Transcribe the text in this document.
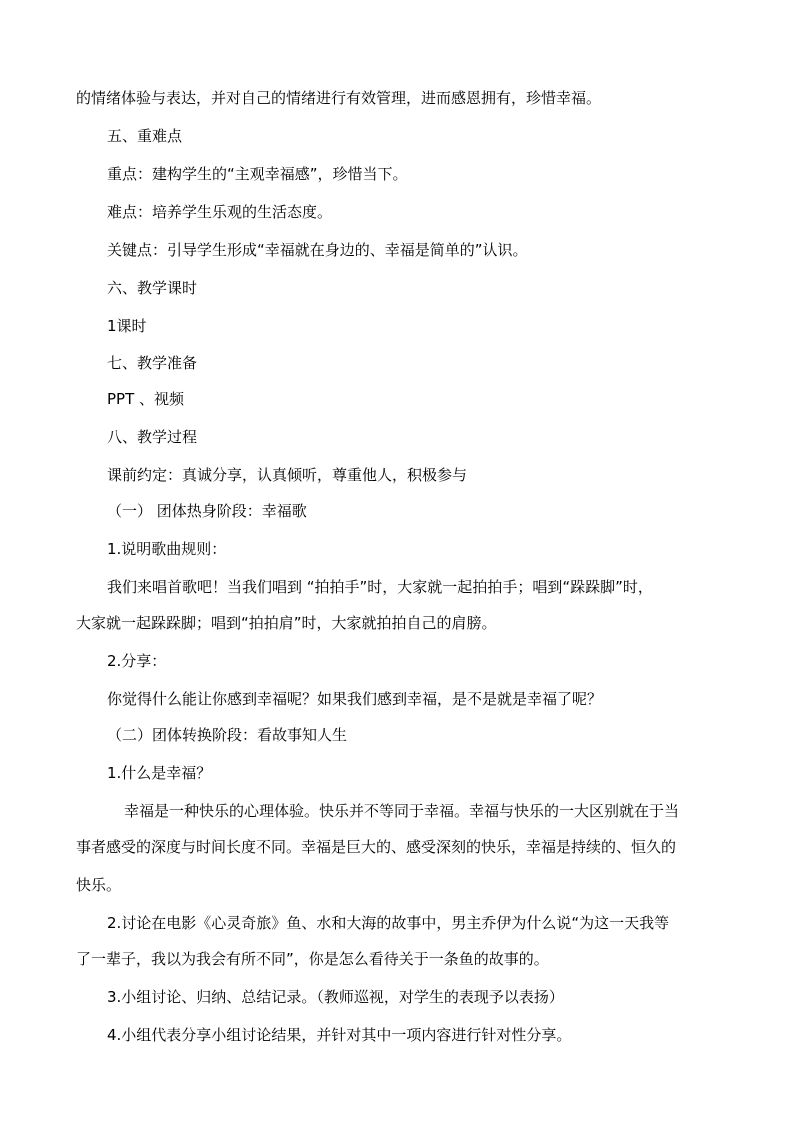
的情绪体验与表达，并对自己的情绪进行有效管理，进而感恩拥有，珍惜幸福。
五、重难点
重点：建构学生的“主观幸福感”，珍惜当下。
难点：培养学生乐观的生活态度。
关键点：引导学生形成“幸福就在身边的、幸福是简单的”认识。
六、教学课时
1课时
七、教学准备
PPT 、视频
八、教学过程
课前约定：真诚分享，认真倾听，尊重他人，积极参与
（一） 团体热身阶段：幸福歌
1.说明歌曲规则：
我们来唱首歌吧！当我们唱到 “拍拍手”时，大家就一起拍拍手；唱到“跺跺脚”时，
大家就一起跺跺脚；唱到“拍拍肩”时，大家就拍拍自己的肩膀。
2.分享：
你觉得什么能让你感到幸福呢？如果我们感到幸福，是不是就是幸福了呢？
（二）团体转换阶段：看故事知人生
1.什么是幸福？
幸福是一种快乐的心理体验。快乐并不等同于幸福。幸福与快乐的一大区别就在于当
事者感受的深度与时间长度不同。幸福是巨大的、感受深刻的快乐，幸福是持续的、恒久的
快乐。
2.讨论在电影《心灵奇旅》鱼、水和大海的故事中，男主乔伊为什么说“为这一天我等
了一辈子，我以为我会有所不同”，你是怎么看待关于一条鱼的故事的。
3.小组讨论、归纳、总结记录。（教师巡视，对学生的表现予以表扬）
4.小组代表分享小组讨论结果，并针对其中一项内容进行针对性分享。
